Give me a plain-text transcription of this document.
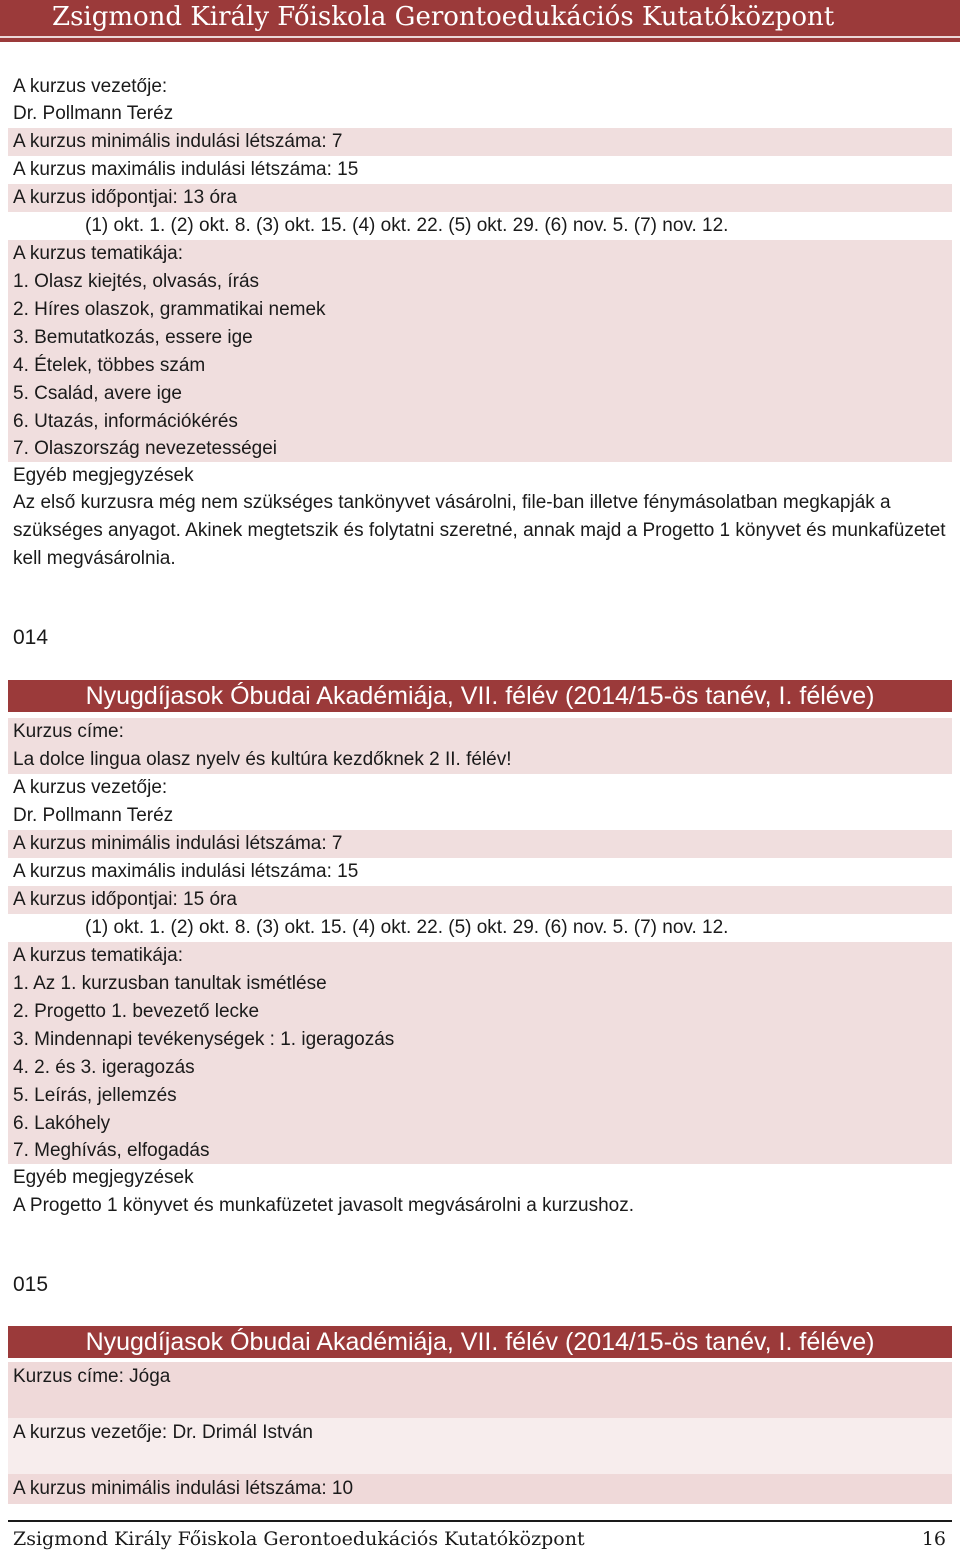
Zsigmond Király Főiskola Gerontoedukációs Kutatóközpont
A kurzus vezetője:
Dr. Pollmann Teréz
A kurzus minimális indulási létszáma: 7
A kurzus maximális indulási létszáma: 15
A kurzus időpontjai: 13 óra
(1) okt. 1. (2) okt. 8. (3) okt. 15. (4) okt. 22. (5) okt. 29. (6) nov. 5. (7) nov. 12.
A kurzus tematikája:
1. Olasz kiejtés, olvasás, írás
2. Híres olaszok, grammatikai nemek
3. Bemutatkozás, essere ige
4. Ételek, többes szám
5. Család, avere ige
6. Utazás, információkérés
7. Olaszország nevezetességei
Egyéb megjegyzések
Az első kurzusra még nem szükséges tankönyvet vásárolni, file-ban illetve fénymásolatban megkapják a szükséges anyagot. Akinek megtetszik és folytatni szeretné, annak majd a Progetto 1 könyvet és munkafüzetet kell megvásárolnia.
014
Nyugdíjasok Óbudai Akadémiája, VII. félév (2014/15-ös tanév, I. féléve)
Kurzus címe:
La dolce lingua olasz nyelv és kultúra kezdőknek 2 II. félév!
A kurzus vezetője:
Dr. Pollmann Teréz
A kurzus minimális indulási létszáma: 7
A kurzus maximális indulási létszáma: 15
A kurzus időpontjai: 15 óra
(1) okt. 1. (2) okt. 8. (3) okt. 15. (4) okt. 22. (5) okt. 29. (6) nov. 5. (7) nov. 12.
A kurzus tematikája:
1. Az 1. kurzusban tanultak ismétlése
2. Progetto 1. bevezető lecke
3. Mindennapi tevékenységek : 1. igeragozás
4. 2. és 3. igeragozás
5. Leírás, jellemzés
6. Lakóhely
7. Meghívás, elfogadás
Egyéb megjegyzések
A Progetto 1 könyvet és munkafüzetet javasolt megvásárolni a kurzushoz.
015
Nyugdíjasok Óbudai Akadémiája, VII. félév (2014/15-ös tanév, I. féléve)
Kurzus címe: Jóga
A kurzus vezetője: Dr. Drimál István
A kurzus minimális indulási létszáma: 10
Zsigmond Király Főiskola Gerontoedukációs Kutatóközpont	16
